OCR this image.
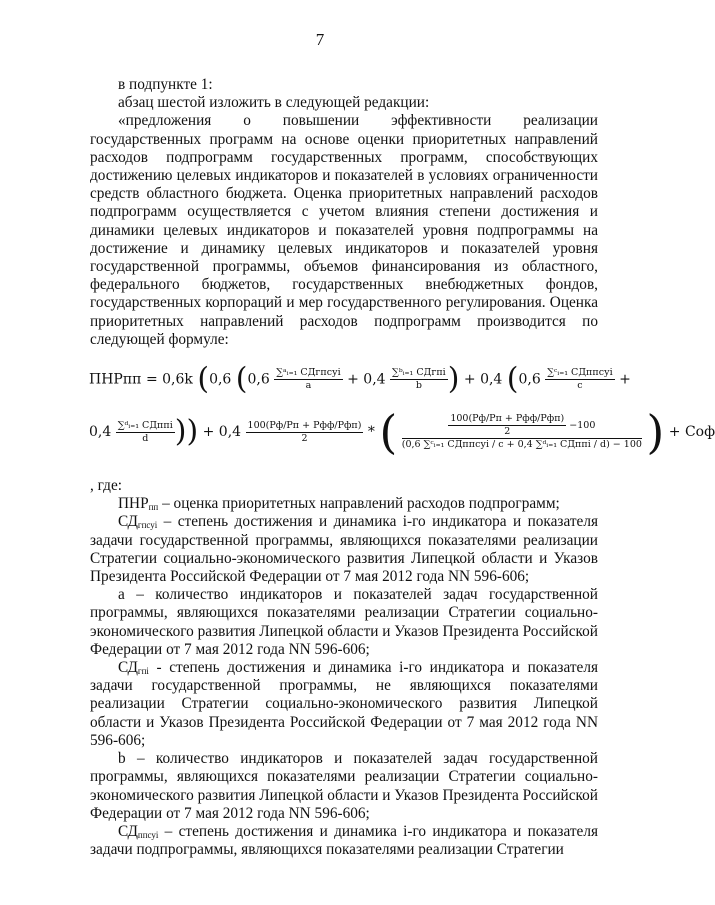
7

в подпункте 1:

абзац шестой изложить в следующей редакции:

«предложения о повышении эффективности реализации государственных программ на основе оценки приоритетных направлений расходов подпрограмм государственных программ, способствующих достижению целевых индикаторов и показателей в условиях ограниченности средств областного бюджета. Оценка приоритетных направлений расходов подпрограмм осуществляется с учетом влияния степени достижения и динамики целевых индикаторов и показателей уровня подпрограммы на достижение и динамику целевых индикаторов и показателей уровня государственной программы, объемов финансирования из областного, федерального бюджетов, государственных внебюджетных фондов, государственных корпораций и мер государственного регулирования. Оценка приоритетных направлений расходов подпрограмм производится по следующей формуле:

ПНРпп = 0,6k (0,6 ($0,6 \frac{\text{∑ᵃᵢ₌₁ СДгпсуi}}{a} + 0,4 \frac{\text{∑ᵇᵢ₌₁ СДгпi}}{b}$ ) + 0,4 ($0,6 \frac{\text{∑ᶜᵢ₌₁ СДппсуi}}{c}$ +
$0,4 \frac{\text{∑ᵈᵢ₌₁ СДппi}}{d}$ )) + $0,4 \frac{\text{100(Рф/Рп + Рфф/Рфп)}}{2}$ * ( $\frac{\frac{\text{100(Рф/Рп + Рфф/Рфп)}}{2} -100}{\text{(0,6 ∑ᶜᵢ₌₁ СДппсуi / c + 0,4 ∑ᵈᵢ₌₁ СДппi / d) − 100}}$ ) + Соф

, где:

$ПНР_{пп}$ – оценка приоритетных направлений расходов подпрограмм;

$СД_{гпсуi}$ – степень достижения и динамика i-го индикатора и показателя задачи государственной программы, являющихся показателями реализации Стратегии социально-экономического развития Липецкой области и Указов Президента Российской Федерации от 7 мая 2012 года NN 596-606;

а – количество индикаторов и показателей задач государственной программы, являющихся показателями реализации Стратегии социально-экономического развития Липецкой области и Указов Президента Российской Федерации от 7 мая 2012 года NN 596-606;

$СД_{гпi}$ - степень достижения и динамика i-го индикатора и показателя задачи государственной программы, не являющихся показателями реализации Стратегии социально-экономического развития Липецкой области и Указов Президента Российской Федерации от 7 мая 2012 года NN 596-606;

b – количество индикаторов и показателей задач государственной программы, являющихся показателями реализации Стратегии социально-экономического развития Липецкой области и Указов Президента Российской Федерации от 7 мая 2012 года NN 596-606;

$СД_{ппсуi}$ – степень достижения и динамика i-го индикатора и показателя задачи подпрограммы, являющихся показателями реализации Стратегии
